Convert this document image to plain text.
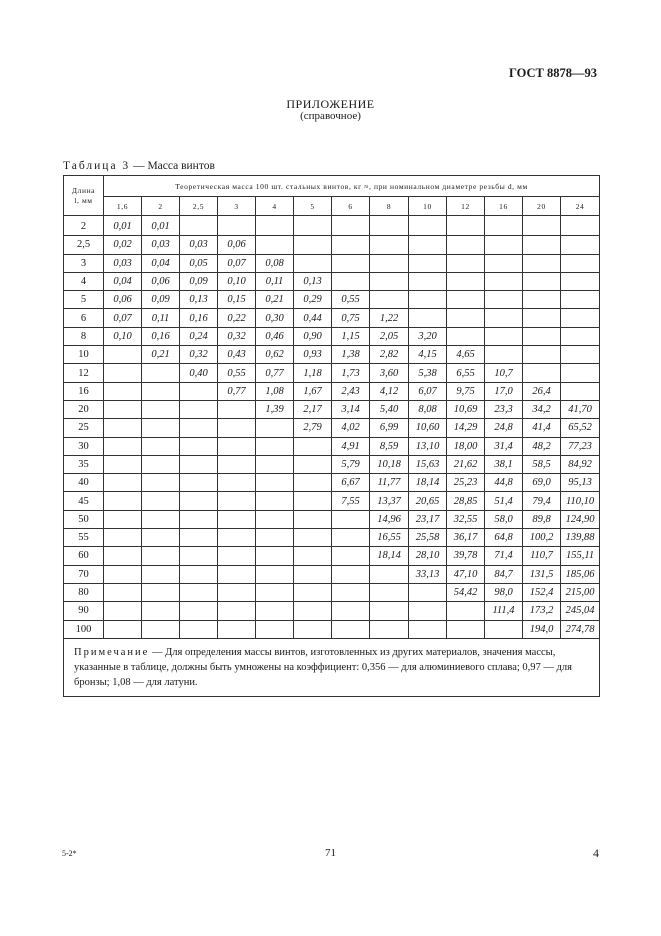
ГОСТ 8878—93
ПРИЛОЖЕНИЕ
(справочное)
Таблица 3 — Масса винтов
Длина
l, мм	Теоретическая масса 100 шт. стальных винтов, кг ≈, при номинальном диаметре резьбы d, мм												
	1,6	2	2,5	3	4	5	6	8	10	12	16	20	24
2	0,01	0,01											
2,5	0,02	0,03	0,03	0,06									
3	0,03	0,04	0,05	0,07	0,08								
4	0,04	0,06	0,09	0,10	0,11	0,13							
5	0,06	0,09	0,13	0,15	0,21	0,29	0,55						
6	0,07	0,11	0,16	0,22	0,30	0,44	0,75	1,22					
8	0,10	0,16	0,24	0,32	0,46	0,90	1,15	2,05	3,20				
10		0,21	0,32	0,43	0,62	0,93	1,38	2,82	4,15	4,65			
12			0,40	0,55	0,77	1,18	1,73	3,60	5,38	6,55	10,7		
16				0,77	1,08	1,67	2,43	4,12	6,07	9,75	17,0	26,4	
20					1,39	2,17	3,14	5,40	8,08	10,69	23,3	34,2	41,70
25						2,79	4,02	6,99	10,60	14,29	24,8	41,4	65,52
30							4,91	8,59	13,10	18,00	31,4	48,2	77,23
35							5,79	10,18	15,63	21,62	38,1	58,5	84,92
40							6,67	11,77	18,14	25,23	44,8	69,0	95,13
45							7,55	13,37	20,65	28,85	51,4	79,4	110,10
50								14,96	23,17	32,55	58,0	89,8	124,90
55								16,55	25,58	36,17	64,8	100,2	139,88
60								18,14	28,10	39,78	71,4	110,7	155,11
70									33,13	47,10	84,7	131,5	185,06
80										54,42	98,0	152,4	215,00
90											111,4	173,2	245,04
100												194,0	274,78
Примечание — Для определения массы винтов, изготовленных из других материалов, значения массы, указанные в таблице, должны быть умножены на коэффициент: 0,356 — для алюминиевого сплава; 0,97 — для бронзы; 1,08 — для латуни.													
5-2*	71	4
